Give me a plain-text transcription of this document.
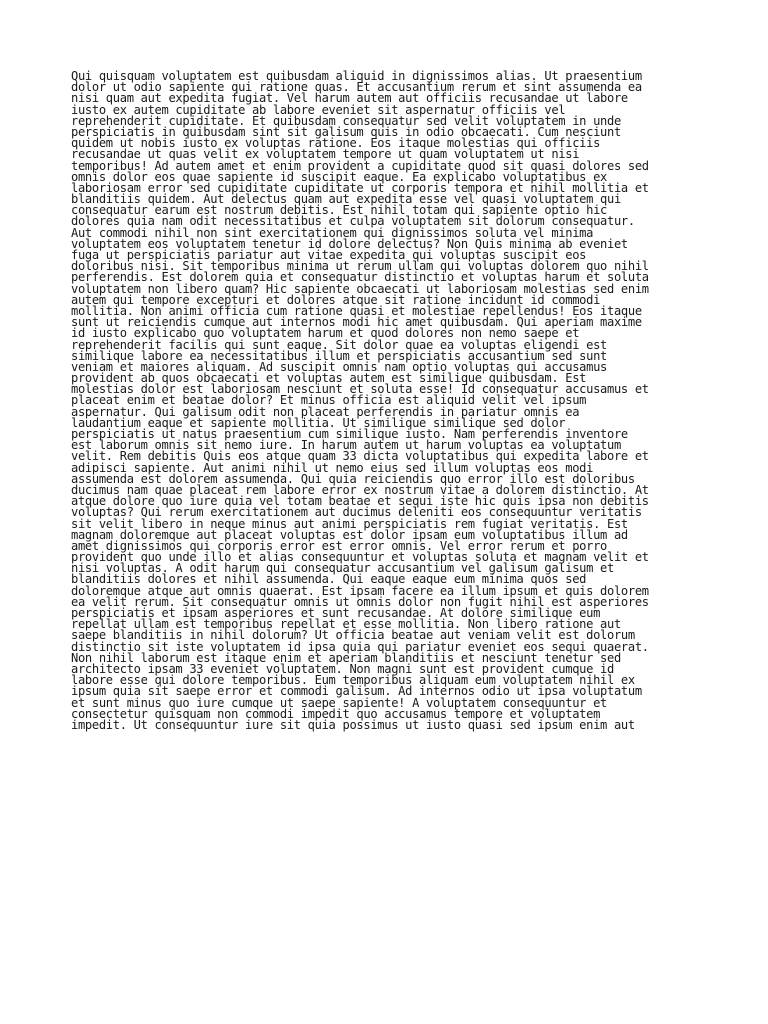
Qui quisquam voluptatem est quibusdam aliquid in dignissimos alias. Ut praesentium
dolor ut odio sapiente qui ratione quas. Et accusantium rerum et sint assumenda ea
nisi quam aut expedita fugiat. Vel harum autem aut officiis recusandae ut labore
iusto ex autem cupiditate ab labore eveniet sit aspernatur officiis vel
reprehenderit cupiditate. Et quibusdam consequatur sed velit voluptatem in unde
perspiciatis in quibusdam sint sit galisum quis in odio obcaecati. Cum nesciunt
quidem ut nobis iusto ex voluptas ratione. Eos itaque molestias qui officiis
recusandae ut quas velit ex voluptatem tempore ut quam voluptatem ut nisi
temporibus! Ad autem amet et enim provident a cupiditate quod sit quasi dolores sed
omnis dolor eos quae sapiente id suscipit eaque. Ea explicabo voluptatibus ex
laboriosam error sed cupiditate cupiditate ut corporis tempora et nihil mollitia et
blanditiis quidem. Aut delectus quam aut expedita esse vel quasi voluptatem qui
consequatur earum est nostrum debitis. Est nihil totam qui sapiente optio hic
dolores quia nam odit necessitatibus et culpa voluptatem sit dolorum consequatur.
Aut commodi nihil non sint exercitationem qui dignissimos soluta vel minima
voluptatem eos voluptatem tenetur id dolore delectus? Non Quis minima ab eveniet
fuga ut perspiciatis pariatur aut vitae expedita qui voluptas suscipit eos
doloribus nisi. Sit temporibus minima ut rerum ullam qui voluptas dolorem quo nihil
perferendis. Est dolorem quia et consequatur distinctio et voluptas harum et soluta
voluptatem non libero quam? Hic sapiente obcaecati ut laboriosam molestias sed enim
autem qui tempore excepturi et dolores atque sit ratione incidunt id commodi
mollitia. Non animi officia cum ratione quasi et molestiae repellendus! Eos itaque
sunt ut reiciendis cumque aut internos modi hic amet quibusdam. Qui aperiam maxime
id iusto explicabo quo voluptatem harum et quod dolores non nemo saepe et
reprehenderit facilis qui sunt eaque. Sit dolor quae ea voluptas eligendi est
similique labore ea necessitatibus illum et perspiciatis accusantium sed sunt
veniam et maiores aliquam. Ad suscipit omnis nam optio voluptas qui accusamus
provident ab quos obcaecati et voluptas autem est similique quibusdam. Est
molestias dolor est laboriosam nesciunt et soluta esse! Id consequatur accusamus et
placeat enim et beatae dolor? Et minus officia est aliquid velit vel ipsum
aspernatur. Qui galisum odit non placeat perferendis in pariatur omnis ea
laudantium eaque et sapiente mollitia. Ut similique similique sed dolor
perspiciatis ut natus praesentium cum similique iusto. Nam perferendis inventore
est laborum omnis sit nemo iure. In harum autem ut harum voluptas ea voluptatum
velit. Rem debitis Quis eos atque quam 33 dicta voluptatibus qui expedita labore et
adipisci sapiente. Aut animi nihil ut nemo eius sed illum voluptas eos modi
assumenda est dolorem assumenda. Qui quia reiciendis quo error illo est doloribus
ducimus nam quae placeat rem labore error ex nostrum vitae a dolorem distinctio. At
atque dolore quo iure quia vel totam beatae et sequi iste hic quis ipsa non debitis
voluptas? Qui rerum exercitationem aut ducimus deleniti eos consequuntur veritatis
sit velit libero in neque minus aut animi perspiciatis rem fugiat veritatis. Est
magnam doloremque aut placeat voluptas est dolor ipsam eum voluptatibus illum ad
amet dignissimos qui corporis error est error omnis. Vel error rerum et porro
provident quo unde illo et alias consequuntur et voluptas soluta et magnam velit et
nisi voluptas. A odit harum qui consequatur accusantium vel galisum galisum et
blanditiis dolores et nihil assumenda. Qui eaque eaque eum minima quos sed
doloremque atque aut omnis quaerat. Est ipsam facere ea illum ipsum et quis dolorem
ea velit rerum. Sit consequatur omnis ut omnis dolor non fugit nihil est asperiores
perspiciatis et ipsam asperiores et sunt recusandae. At dolore similique eum
repellat ullam est temporibus repellat et esse mollitia. Non libero ratione aut
saepe blanditiis in nihil dolorum? Ut officia beatae aut veniam velit est dolorum
distinctio sit iste voluptatem id ipsa quia qui pariatur eveniet eos sequi quaerat.
Non nihil laborum est itaque enim et aperiam blanditiis et nesciunt tenetur sed
architecto ipsam 33 eveniet voluptatem. Non magni sunt est provident cumque id
labore esse qui dolore temporibus. Eum temporibus aliquam eum voluptatem nihil ex
ipsum quia sit saepe error et commodi galisum. Ad internos odio ut ipsa voluptatum
et sunt minus quo iure cumque ut saepe sapiente! A voluptatem consequuntur et
consectetur quisquam non commodi impedit quo accusamus tempore et voluptatem
impedit. Ut consequuntur iure sit quia possimus ut iusto quasi sed ipsum enim aut
